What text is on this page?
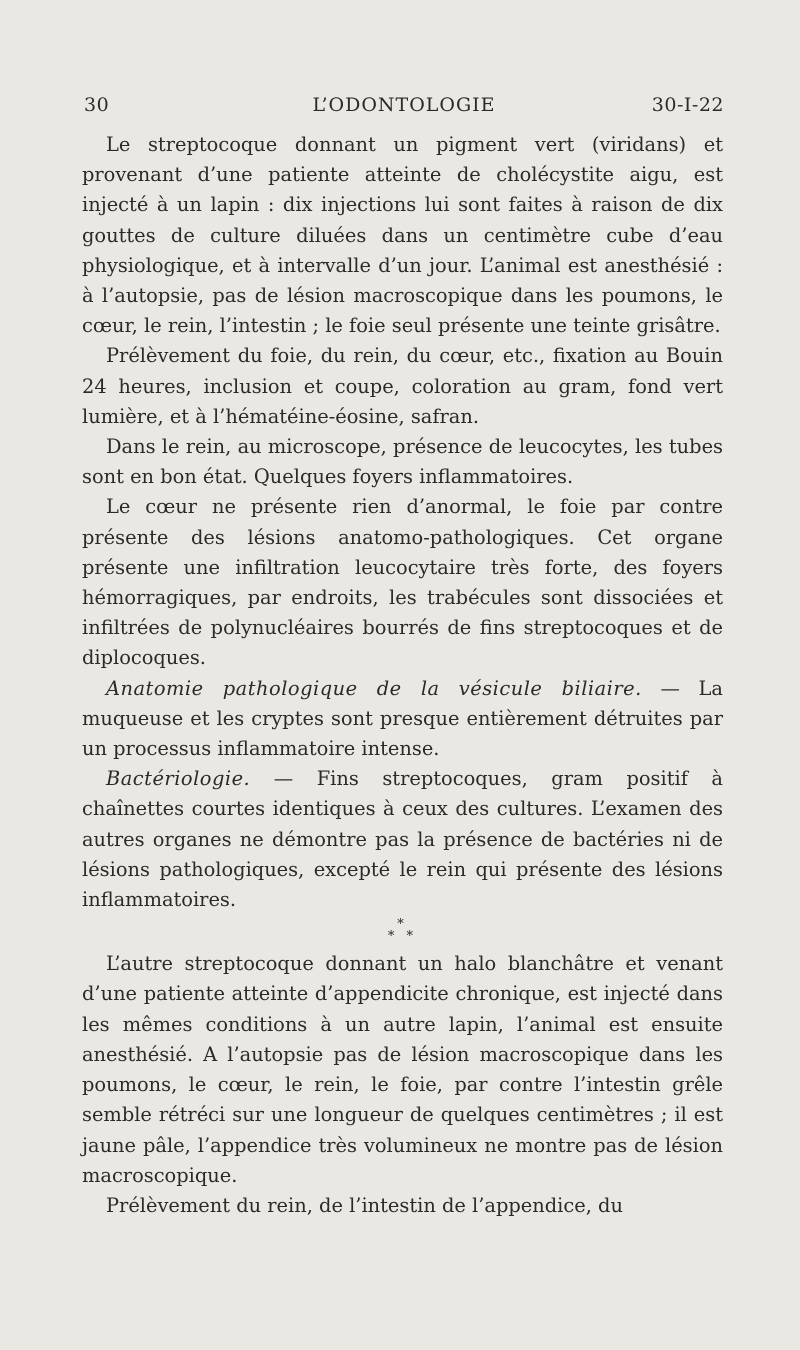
30	L’ODONTOLOGIE	30-I-22

Le streptocoque donnant un pigment vert (viridans) et provenant d’une patiente atteinte de cholécystite aigu, est injecté à un lapin : dix injections lui sont faites à raison de dix gouttes de culture diluées dans un centimètre cube d’eau physiologique, et à intervalle d’un jour. L’animal est anesthésié : à l’autopsie, pas de lésion macroscopique dans les poumons, le cœur, le rein, l’intestin ; le foie seul présente une teinte grisâtre.

Prélèvement du foie, du rein, du cœur, etc., fixation au Bouin 24 heures, inclusion et coupe, coloration au gram, fond vert lumière, et à l’hématéine-éosine, safran.

Dans le rein, au microscope, présence de leucocytes, les tubes sont en bon état. Quelques foyers inflammatoires.

Le cœur ne présente rien d’anormal, le foie par contre présente des lésions anatomo-pathologiques. Cet organe présente une infiltration leucocytaire très forte, des foyers hémorragiques, par endroits, les trabécules sont dissociées et infiltrées de polynucléaires bourrés de fins streptocoques et de diplocoques.

Anatomie pathologique de la vésicule biliaire. — La muqueuse et les cryptes sont presque entièrement détruites par un processus inflammatoire intense.

Bactériologie. — Fins streptocoques, gram positif à chaînettes courtes identiques à ceux des cultures. L’examen des autres organes ne démontre pas la présence de bactéries ni de lésions pathologiques, excepté le rein qui présente des lésions inflammatoires.

*
* *

L’autre streptocoque donnant un halo blanchâtre et venant d’une patiente atteinte d’appendicite chronique, est injecté dans les mêmes conditions à un autre lapin, l’animal est ensuite anesthésié. A l’autopsie pas de lésion macroscopique dans les poumons, le cœur, le rein, le foie, par contre l’intestin grêle semble rétréci sur une longueur de quelques centimètres ; il est jaune pâle, l’appendice très volumineux ne montre pas de lésion macroscopique.

Prélèvement du rein, de l’intestin de l’appendice, du
